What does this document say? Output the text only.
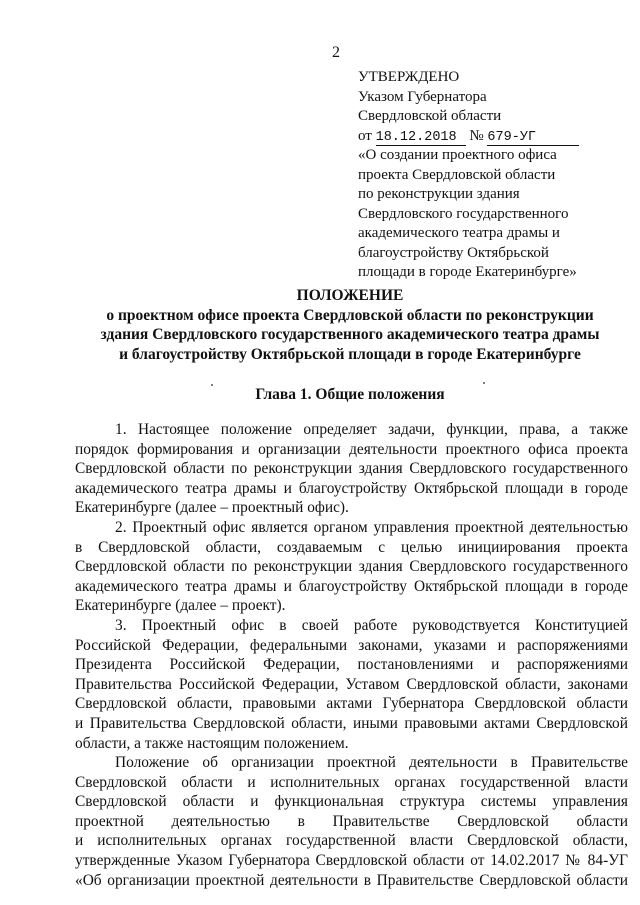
2
УТВЕРЖДЕНО
Указом Губернатора
Свердловской области
от 18.12.2018 № 679-УГ
«О создании проектного офиса
проекта Свердловской области
по реконструкции здания
Свердловского государственного
академического театра драмы и
благоустройству Октябрьской
площади в городе Екатеринбурге»
ПОЛОЖЕНИЕ
о проектном офисе проекта Свердловской области по реконструкции
здания Свердловского государственного академического театра драмы
и благоустройству Октябрьской площади в городе Екатеринбурге
Глава 1. Общие положения
1. Настоящее положение определяет задачи, функции, права, а также
порядок формирования и организации деятельности проектного офиса проекта
Свердловской области по реконструкции здания Свердловского государственного
академического театра драмы и благоустройству Октябрьской площади в городе
Екатеринбурге (далее – проектный офис).
2. Проектный офис является органом управления проектной деятельностью
в Свердловской области, создаваемым с целью инициирования проекта
Свердловской области по реконструкции здания Свердловского государственного
академического театра драмы и благоустройству Октябрьской площади в городе
Екатеринбурге (далее – проект).
3. Проектный офис в своей работе руководствуется Конституцией
Российской Федерации, федеральными законами, указами и распоряжениями
Президента Российской Федерации, постановлениями и распоряжениями
Правительства Российской Федерации, Уставом Свердловской области, законами
Свердловской области, правовыми актами Губернатора Свердловской области
и Правительства Свердловской области, иными правовыми актами Свердловской
области, а также настоящим положением.
Положение об организации проектной деятельности в Правительстве
Свердловской области и исполнительных органах государственной власти
Свердловской области и функциональная структура системы управления
проектной деятельностью в Правительстве Свердловской области
и исполнительных органах государственной власти Свердловской области,
утвержденные Указом Губернатора Свердловской области от 14.02.2017 № 84-УГ
«Об организации проектной деятельности в Правительстве Свердловской области
